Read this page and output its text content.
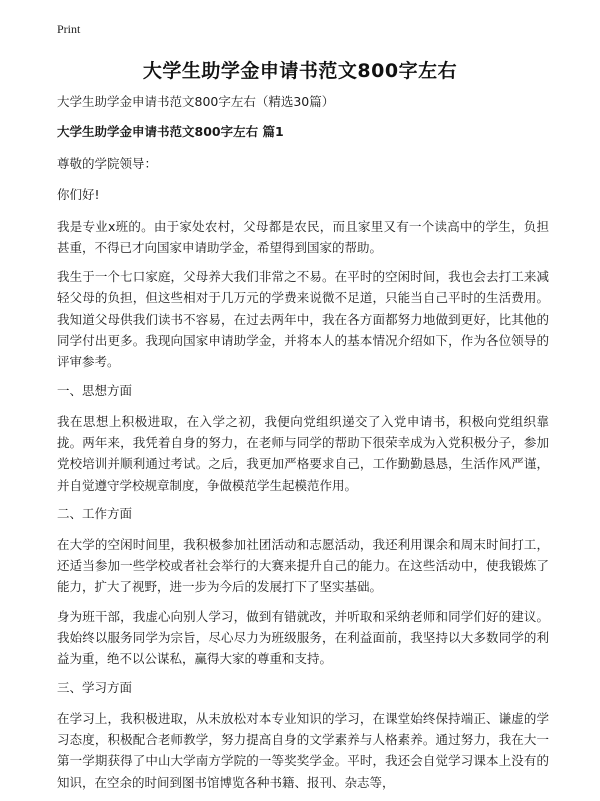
Print
大学生助学金申请书范文800字左右

大学生助学金申请书范文800字左右（精选30篇）

大学生助学金申请书范文800字左右 篇1

尊敬的学院领导：

你们好!

我是专业x班的。由于家处农村，父母都是农民，而且家里又有一个读高中的学生，负担甚重，不得已才向国家申请助学金，希望得到国家的帮助。

我生于一个七口家庭，父母养大我们非常之不易。在平时的空闲时间，我也会去打工来减轻父母的负担，但这些相对于几万元的学费来说微不足道，只能当自己平时的生活费用。我知道父母供我们读书不容易，在过去两年中，我在各方面都努力地做到更好，比其他的同学付出更多。我现向国家申请助学金，并将本人的基本情况介绍如下，作为各位领导的评审参考。

一、思想方面

我在思想上积极进取，在入学之初，我便向党组织递交了入党申请书，积极向党组织靠拢。两年来，我凭着自身的努力，在老师与同学的帮助下很荣幸成为入党积极分子，参加党校培训并顺利通过考试。之后，我更加严格要求自己，工作勤勤恳恳，生活作风严谨，并自觉遵守学校规章制度，争做模范学生起模范作用。

二、工作方面

在大学的空闲时间里，我积极参加社团活动和志愿活动，我还利用课余和周末时间打工，还适当参加一些学校或者社会举行的大赛来提升自己的能力。在这些活动中，使我锻炼了能力，扩大了视野，进一步为今后的发展打下了坚实基础。

身为班干部，我虚心向别人学习，做到有错就改，并听取和采纳老师和同学们好的建议。我始终以服务同学为宗旨，尽心尽力为班级服务，在利益面前，我坚持以大多数同学的利益为重，绝不以公谋私，赢得大家的尊重和支持。

三、学习方面

在学习上，我积极进取，从未放松对本专业知识的学习，在课堂始终保持端正、谦虚的学习态度，积极配合老师教学，努力提高自身的文学素养与人格素养。通过努力，我在大一第一学期获得了中山大学南方学院的一等奖奖学金。平时，我还会自觉学习课本上没有的知识，在空余的时间到图书馆博览各种书籍、报刊、杂志等，
